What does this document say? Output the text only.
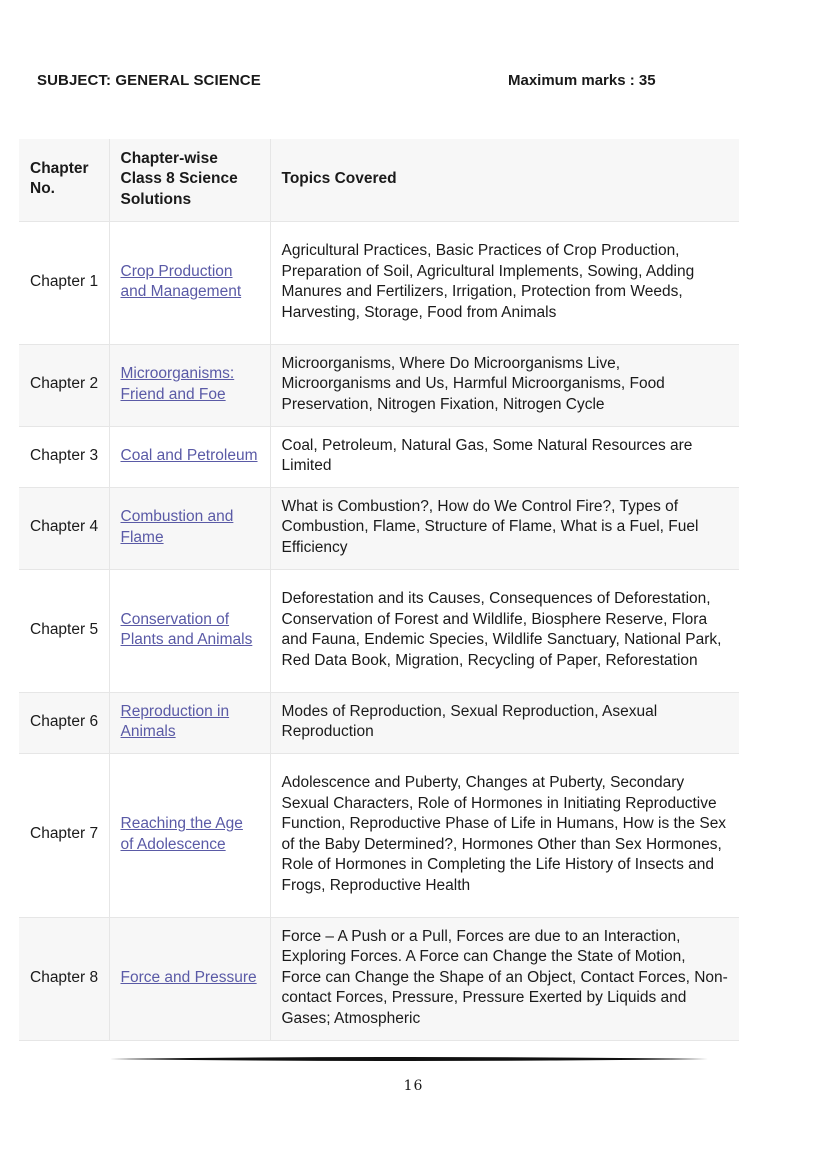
SUBJECT: GENERAL SCIENCE	Maximum marks : 35
Chapter No.	Chapter-wise Class 8 Science Solutions	Topics Covered
Chapter 1	Crop Production and Management	Agricultural Practices, Basic Practices of Crop Production, Preparation of Soil, Agricultural Implements, Sowing, Adding Manures and Fertilizers, Irrigation, Protection from Weeds, Harvesting, Storage, Food from Animals
Chapter 2	Microorganisms: Friend and Foe	Microorganisms, Where Do Microorganisms Live, Microorganisms and Us, Harmful Microorganisms, Food Preservation, Nitrogen Fixation, Nitrogen Cycle
Chapter 3	Coal and Petroleum	Coal, Petroleum, Natural Gas, Some Natural Resources are Limited
Chapter 4	Combustion and Flame	What is Combustion?, How do We Control Fire?, Types of Combustion, Flame, Structure of Flame, What is a Fuel, Fuel Efficiency
Chapter 5	Conservation of Plants and Animals	Deforestation and its Causes, Consequences of Deforestation, Conservation of Forest and Wildlife, Biosphere Reserve, Flora and Fauna, Endemic Species, Wildlife Sanctuary, National Park, Red Data Book, Migration, Recycling of Paper, Reforestation
Chapter 6	Reproduction in Animals	Modes of Reproduction, Sexual Reproduction, Asexual Reproduction
Chapter 7	Reaching the Age of Adolescence	Adolescence and Puberty, Changes at Puberty, Secondary Sexual Characters, Role of Hormones in Initiating Reproductive Function, Reproductive Phase of Life in Humans, How is the Sex of the Baby Determined?, Hormones Other than Sex Hormones, Role of Hormones in Completing the Life History of Insects and Frogs, Reproductive Health
Chapter 8	Force and Pressure	Force – A Push or a Pull, Forces are due to an Interaction, Exploring Forces. A Force can Change the State of Motion, Force can Change the Shape of an Object, Contact Forces, Non-contact Forces, Pressure, Pressure Exerted by Liquids and Gases; Atmospheric
16
